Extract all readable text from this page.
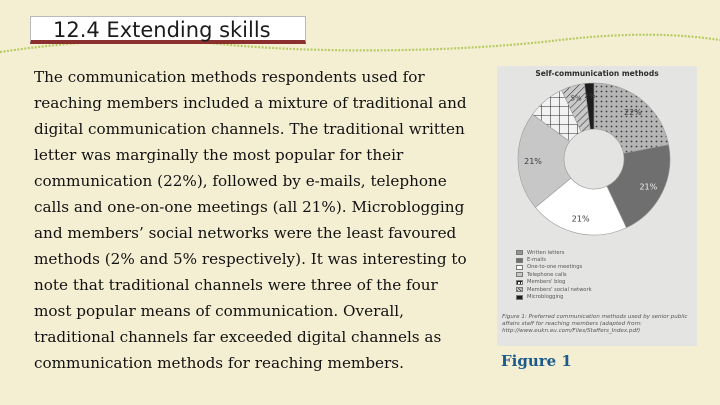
12.4 Extending skills
The communication methods respondents used for reaching members included a mixture of traditional and digital communication channels. The traditional written letter was marginally the most popular for their communication (22%), followed by e-mails, telephone calls and one-on-one meetings (all 21%). Microblogging and members’ social networks were the least favoured methods (2% and 5% respectively). It was interesting to note that traditional channels were three of the four most popular means of communication. Overall, traditional channels far exceeded digital channels as communication methods for reaching members.
Self-communication methods
22%
21%
21%
21%
5% 2%
Written letters
E-mails
One-to-one meetings
Telephone calls
Members' blog
Members' social network
Microblogging
Figure 1: Preferred communication methods used by senior public affairs staff for reaching members (adapted from: http://www.eukn.eu.com/Files/Staffers_Index.pdf)
Figure 1
